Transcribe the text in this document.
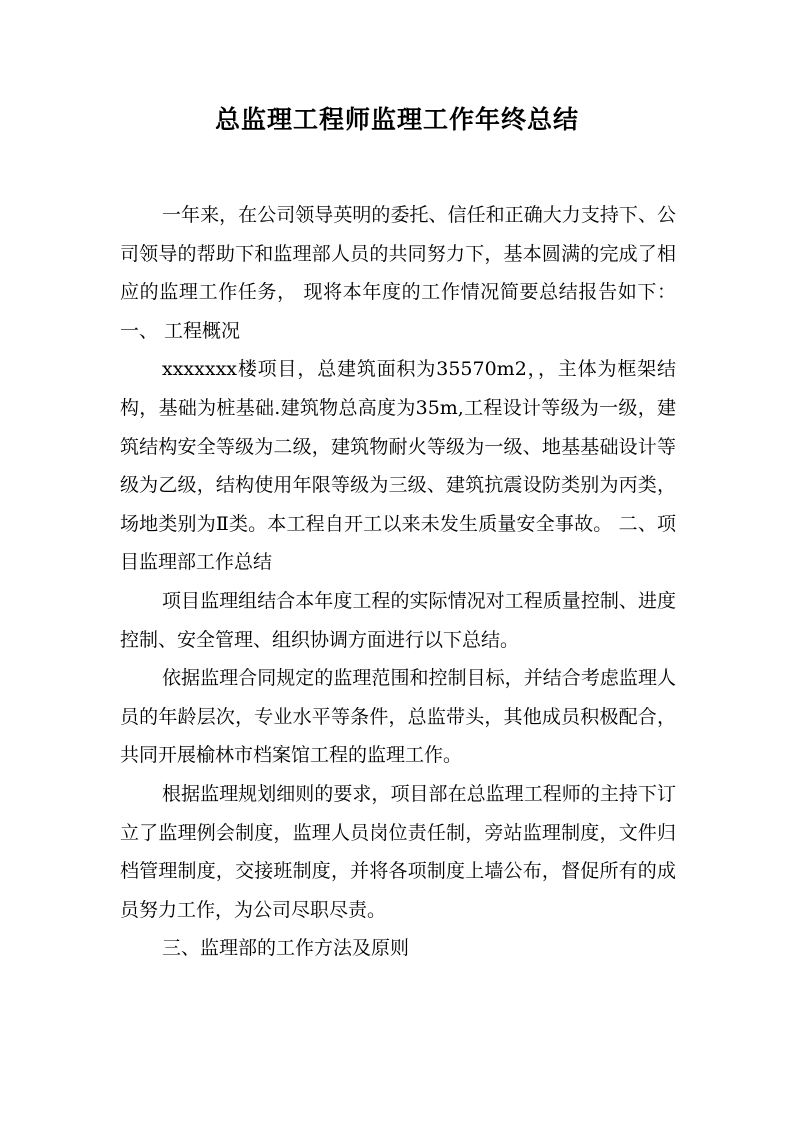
总监理工程师监理工作年终总结

一年来，在公司领导英明的委托、信任和正确大力支持下、公司领导的帮助下和监理部人员的共同努力下，基本圆满的完成了相应的监理工作任务， 现将本年度的工作情况简要总结报告如下： 一、 工程概况

xxxxxxx楼项目，总建筑面积为35570m2，，主体为框架结构，基础为桩基础.建筑物总高度为35m,工程设计等级为一级，建筑结构安全等级为二级，建筑物耐火等级为一级、地基基础设计等级为乙级，结构使用年限等级为三级、建筑抗震设防类别为丙类，场地类别为Ⅱ类。本工程自开工以来未发生质量安全事故。 二、项目监理部工作总结

项目监理组结合本年度工程的实际情况对工程质量控制、进度控制、安全管理、组织协调方面进行以下总结。

依据监理合同规定的监理范围和控制目标，并结合考虑监理人员的年龄层次，专业水平等条件，总监带头，其他成员积极配合，共同开展榆林市档案馆工程的监理工作。

根据监理规划细则的要求，项目部在总监理工程师的主持下订立了监理例会制度，监理人员岗位责任制，旁站监理制度，文件归档管理制度，交接班制度，并将各项制度上墙公布，督促所有的成员努力工作，为公司尽职尽责。

三、监理部的工作方法及原则
